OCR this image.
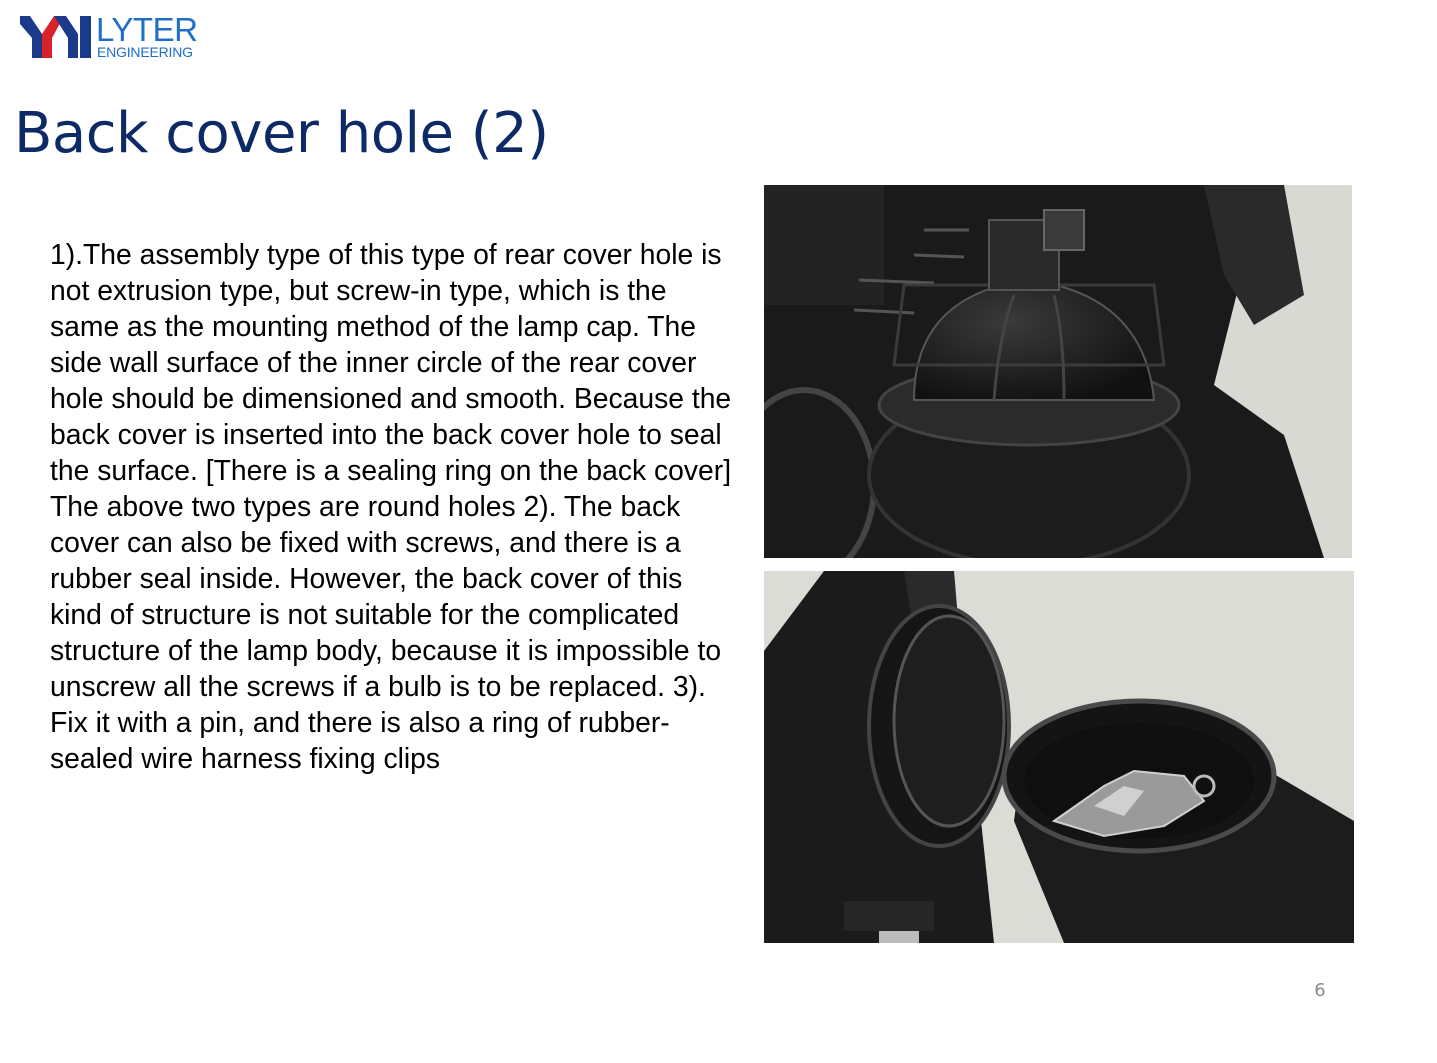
LYTER
ENGINEERING
Back cover hole (2)

1).The assembly type of this type of rear cover hole is not extrusion type, but screw-in type, which is the same as the mounting method of the lamp cap. The side wall surface of the inner circle of the rear cover hole should be dimensioned and smooth. Because the back cover is inserted into the back cover hole to seal the surface. [There is a sealing ring on the back cover] The above two types are round holes 2). The back cover can also be fixed with screws, and there is a rubber seal inside. However, the back cover of this kind of structure is not suitable for the complicated structure of the lamp body, because it is impossible to unscrew all the screws if a bulb is to be replaced. 3). Fix it with a pin, and there is also a ring of rubber-sealed wire harness fixing clips

6
